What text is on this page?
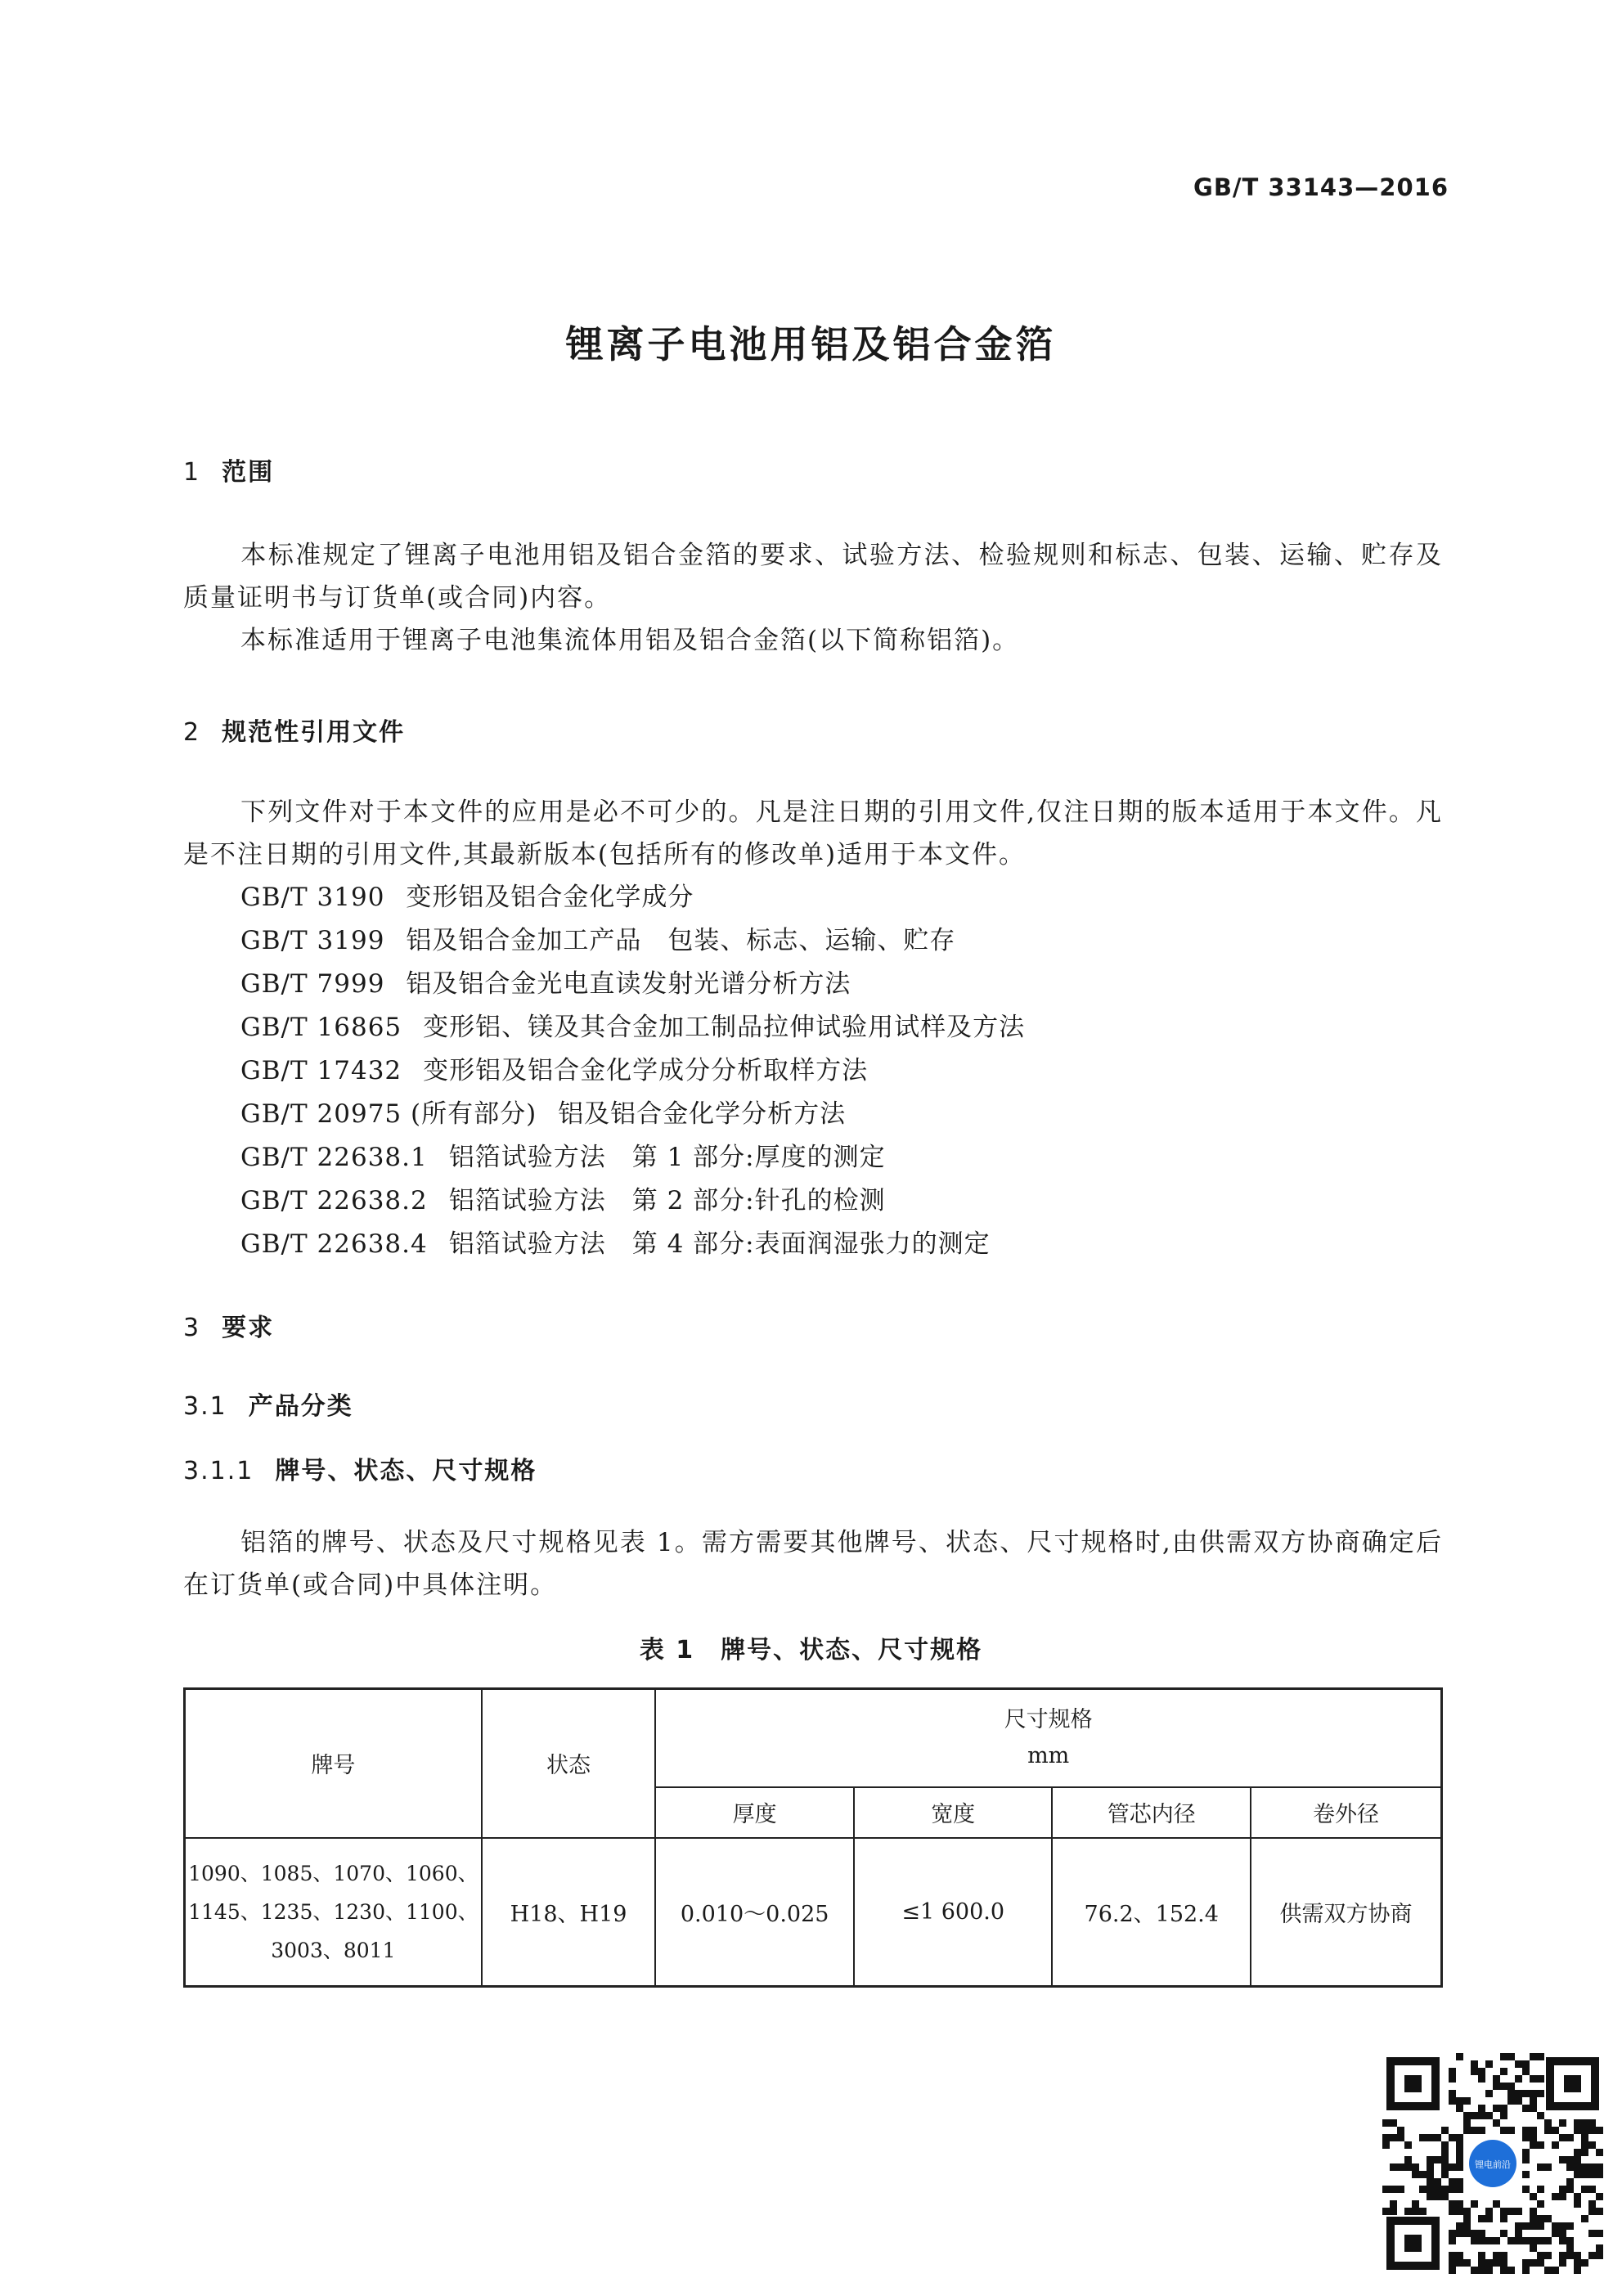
GB/T 33143—2016
锂离子电池用铝及铝合金箔
1 范围
本标准规定了锂离子电池用铝及铝合金箔的要求、试验方法、检验规则和标志、包装、运输、贮存及质量证明书与订货单(或合同)内容。
本标准适用于锂离子电池集流体用铝及铝合金箔(以下简称铝箔)。
2 规范性引用文件
下列文件对于本文件的应用是必不可少的。凡是注日期的引用文件,仅注日期的版本适用于本文件。凡是不注日期的引用文件,其最新版本(包括所有的修改单)适用于本文件。
GB/T 3190 变形铝及铝合金化学成分
GB/T 3199 铝及铝合金加工产品　包装、标志、运输、贮存
GB/T 7999 铝及铝合金光电直读发射光谱分析方法
GB/T 16865 变形铝、镁及其合金加工制品拉伸试验用试样及方法
GB/T 17432 变形铝及铝合金化学成分分析取样方法
GB/T 20975 (所有部分) 铝及铝合金化学分析方法
GB/T 22638.1 铝箔试验方法　第 1 部分:厚度的测定
GB/T 22638.2 铝箔试验方法　第 2 部分:针孔的检测
GB/T 22638.4 铝箔试验方法　第 4 部分:表面润湿张力的测定
3 要求
3.1 产品分类
3.1.1 牌号、状态、尺寸规格
铝箔的牌号、状态及尺寸规格见表 1。需方需要其他牌号、状态、尺寸规格时,由供需双方协商确定后在订货单(或合同)中具体注明。
表 1　牌号、状态、尺寸规格
牌号	状态	尺寸规格
mm			

		厚度	宽度	管芯内径	卷外径

1090、1085、1070、1060、
1145、1235、1230、1100、
3003、8011	H18、H19	0.010～0.025	≤1 600.0	76.2、152.4	供需双方协商
锂电前沿
